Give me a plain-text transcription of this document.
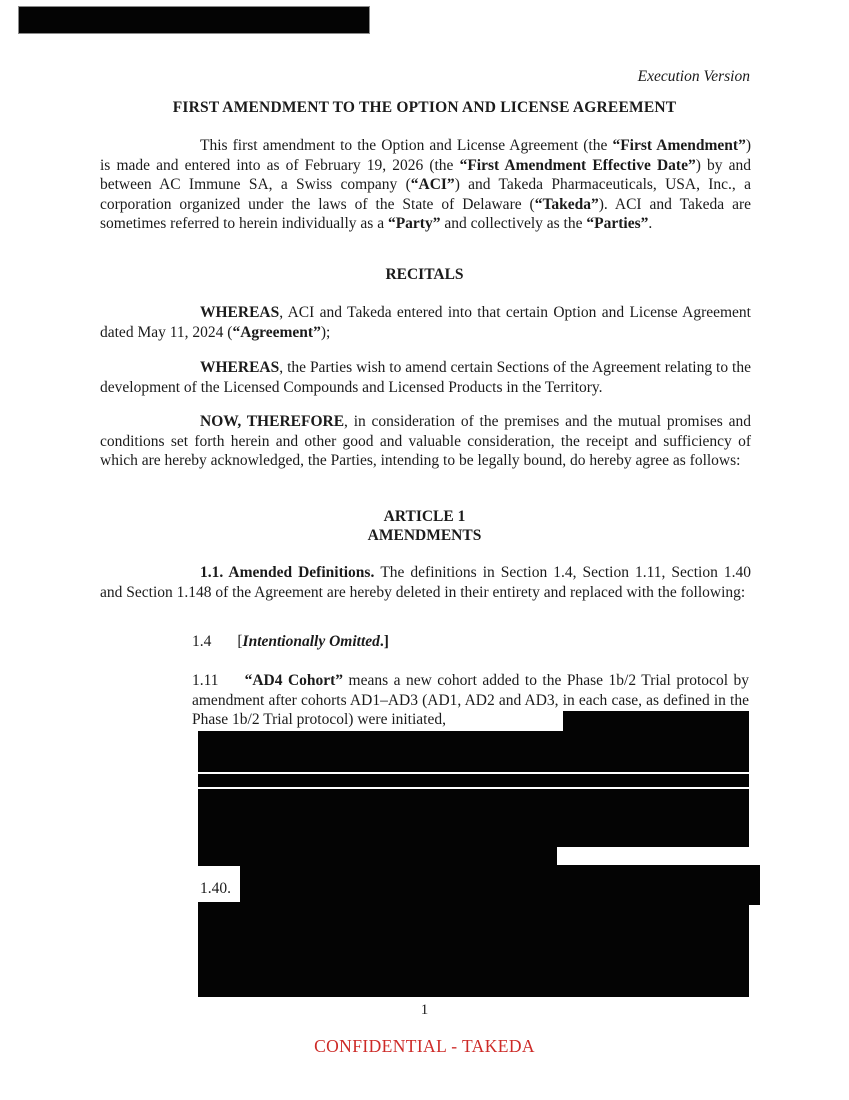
Execution Version
FIRST AMENDMENT TO THE OPTION AND LICENSE AGREEMENT
This first amendment to the Option and License Agreement (the “First Amendment”) is made and entered into as of February 19, 2026 (the “First Amendment Effective Date”) by and between AC Immune SA, a Swiss company (“ACI”) and Takeda Pharmaceuticals, USA, Inc., a corporation organized under the laws of the State of Delaware (“Takeda”). ACI and Takeda are sometimes referred to herein individually as a “Party” and collectively as the “Parties”.
RECITALS
WHEREAS, ACI and Takeda entered into that certain Option and License Agreement dated May 11, 2024 (“Agreement”);
WHEREAS, the Parties wish to amend certain Sections of the Agreement relating to the development of the Licensed Compounds and Licensed Products in the Territory.
NOW, THEREFORE, in consideration of the premises and the mutual promises and conditions set forth herein and other good and valuable consideration, the receipt and sufficiency of which are hereby acknowledged, the Parties, intending to be legally bound, do hereby agree as follows:
ARTICLE 1
AMENDMENTS
1.1. Amended Definitions. The definitions in Section 1.4, Section 1.11, Section 1.40 and Section 1.148 of the Agreement are hereby deleted in their entirety and replaced with the following:
1.4 [Intentionally Omitted.]
1.11 “AD4 Cohort” means a new cohort added to the Phase 1b/2 Trial protocol by amendment after cohorts AD1–AD3 (AD1, AD2 and AD3, in each case, as defined in the Phase 1b/2 Trial protocol) were initiated,
1.40.
1
CONFIDENTIAL - TAKEDA
